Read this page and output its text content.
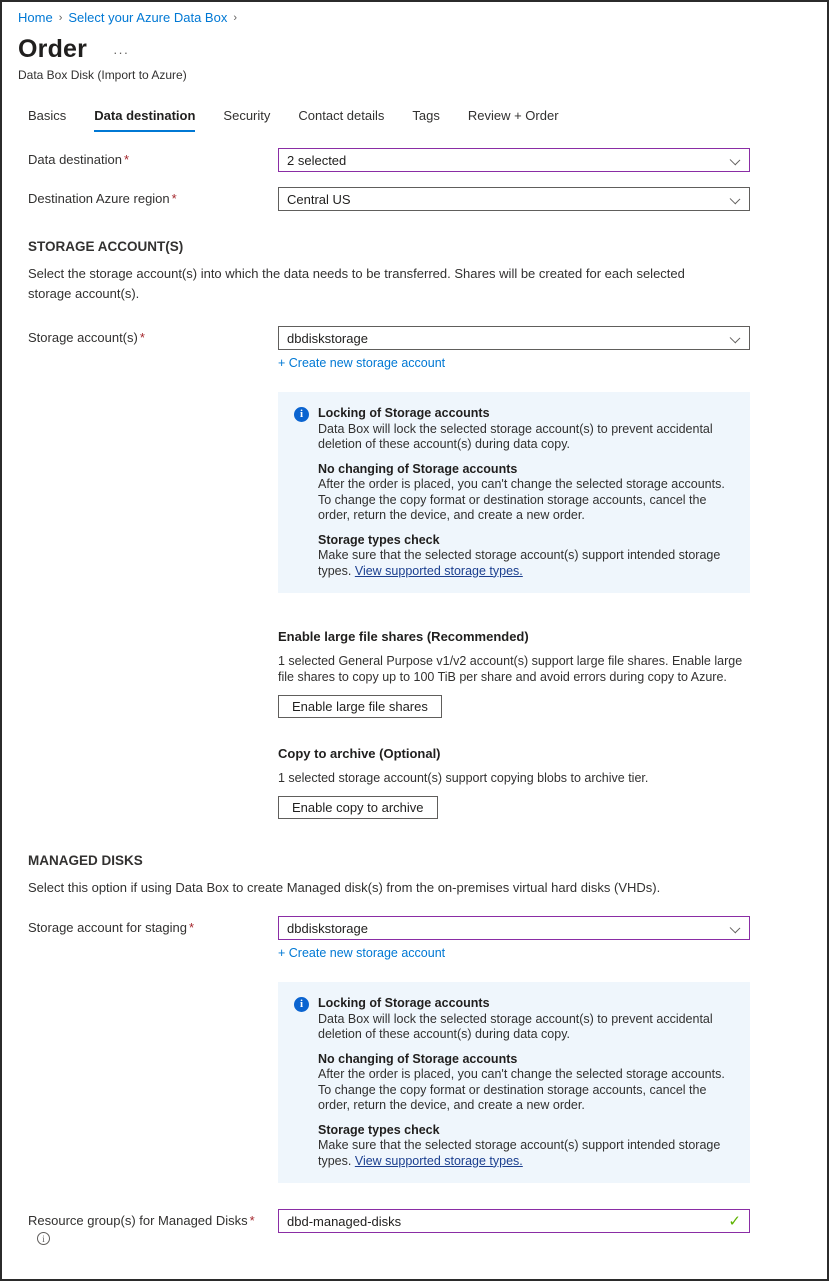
Home › Select your Azure Data Box ›
Order ···
Data Box Disk (Import to Azure)
Basics Data destination Security Contact details Tags Review + Order
Data destination *	2 selected
Destination Azure region *	Central US
STORAGE ACCOUNT(S)
Select the storage account(s) into which the data needs to be transferred. Shares will be created for each selected storage account(s).
Storage account(s) *	dbdiskstorage
+ Create new storage account
i	Locking of Storage accounts
Data Box will lock the selected storage account(s) to prevent accidental deletion of these account(s) during data copy.
No changing of Storage accounts
After the order is placed, you can't change the selected storage accounts. To change the copy format or destination storage accounts, cancel the order, return the device, and create a new order.
Storage types check
Make sure that the selected storage account(s) support intended storage types. View supported storage types.
Enable large file shares (Recommended)
1 selected General Purpose v1/v2 account(s) support large file shares. Enable large file shares to copy up to 100 TiB per share and avoid errors during copy to Azure.
Enable large file shares
Copy to archive (Optional)
1 selected storage account(s) support copying blobs to archive tier.
Enable copy to archive
MANAGED DISKS
Select this option if using Data Box to create Managed disk(s) from the on-premises virtual hard disks (VHDs).
Storage account for staging *	dbdiskstorage
+ Create new storage account
i	Locking of Storage accounts
Data Box will lock the selected storage account(s) to prevent accidental deletion of these account(s) during data copy.
No changing of Storage accounts
After the order is placed, you can't change the selected storage accounts. To change the copy format or destination storage accounts, cancel the order, return the device, and create a new order.
Storage types check
Make sure that the selected storage account(s) support intended storage types. View supported storage types.
Resource group(s) for Managed Disks *
i
dbd-managed-disks	✓
